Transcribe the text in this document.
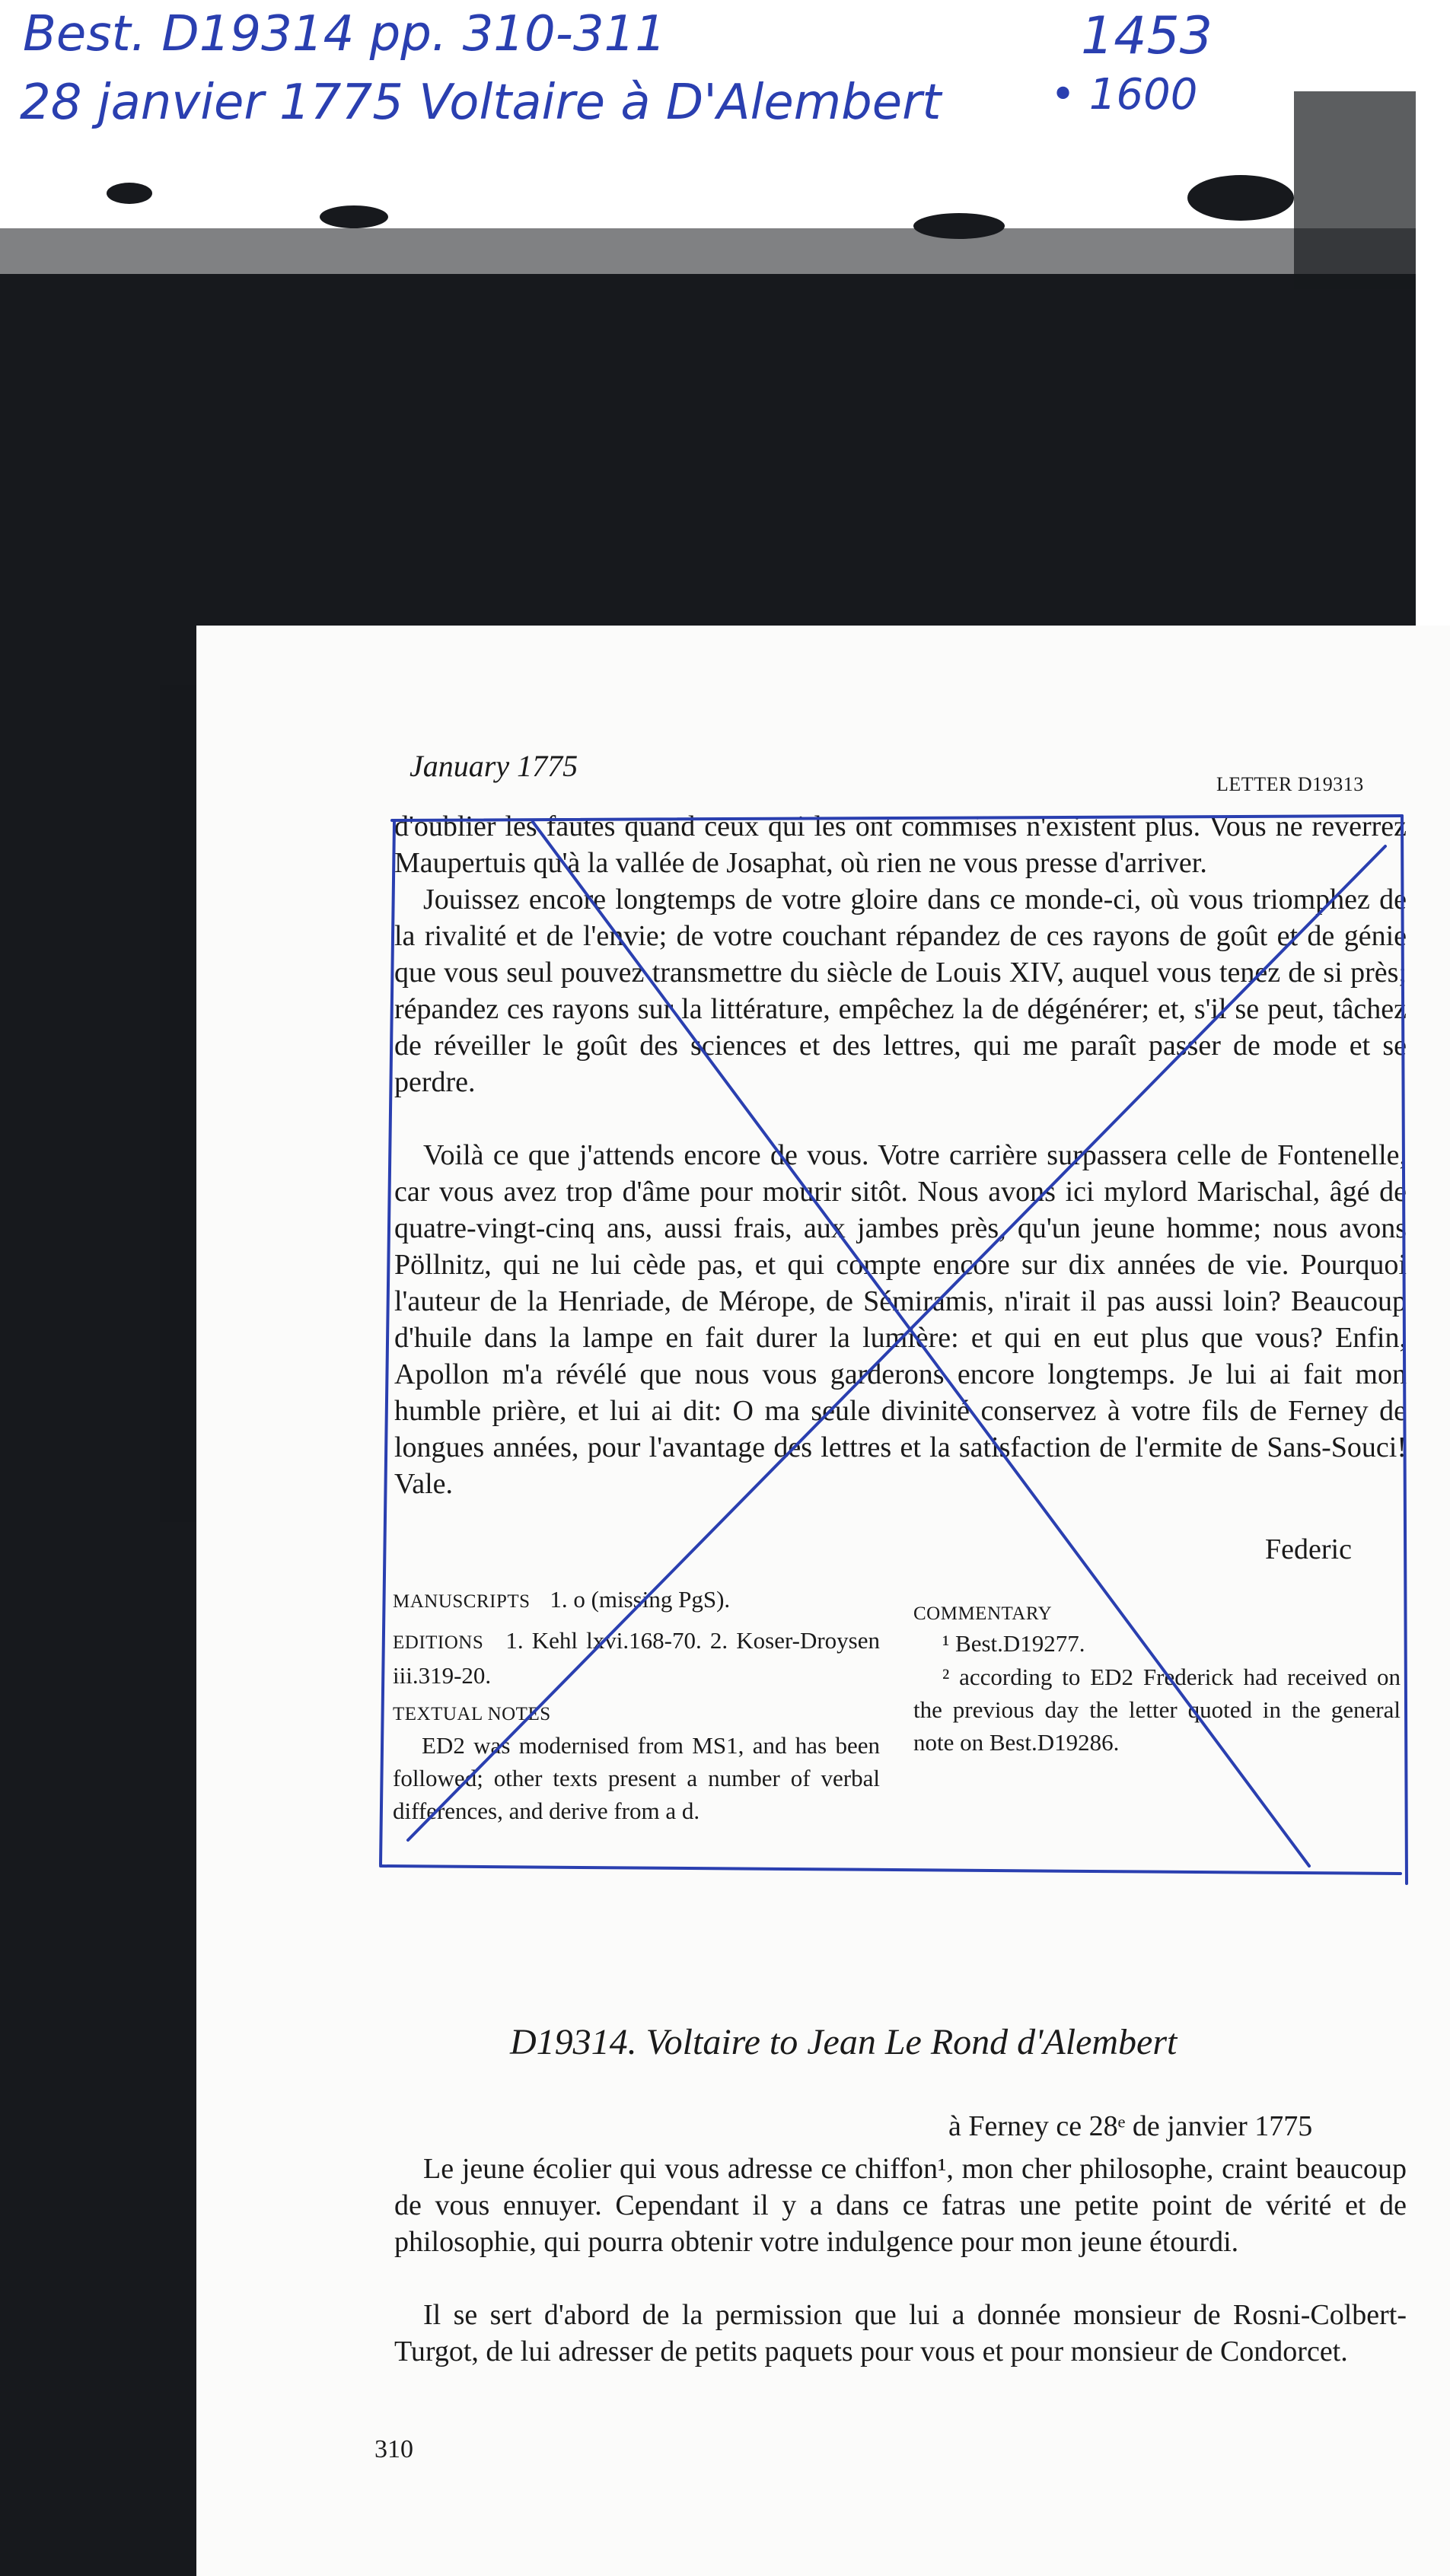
Best. D19314 pp. 310-311
28 janvier 1775 Voltaire à D'Alembert
1453
• 1600
January 1775
LETTER D19313

d'oublier les fautes quand ceux qui les ont commises n'existent plus. Vous ne reverrez Maupertuis qu'à la vallée de Josaphat, où rien ne vous presse d'arriver.

Jouissez encore longtemps de votre gloire dans ce monde-ci, où vous triomphez de la rivalité et de l'envie; de votre couchant répandez de ces rayons de goût et de génie que vous seul pouvez transmettre du siècle de Louis XIV, auquel vous tenez de si près; répandez ces rayons sur la littérature, empêchez la de dégénérer; et, s'il se peut, tâchez de réveiller le goût des sciences et des lettres, qui me paraît passer de mode et se perdre.

Voilà ce que j'attends encore de vous. Votre carrière surpassera celle de Fontenelle, car vous avez trop d'âme pour mourir sitôt. Nous avons ici mylord Marischal, âgé de quatre-vingt-cinq ans, aussi frais, aux jambes près, qu'un jeune homme; nous avons Pöllnitz, qui ne lui cède pas, et qui compte encore sur dix années de vie. Pourquoi l'auteur de la Henriade, de Mérope, de Sémiramis, n'irait il pas aussi loin? Beaucoup d'huile dans la lampe en fait durer la lumière: et qui en eut plus que vous? Enfin, Apollon m'a révélé que nous vous garderons encore longtemps. Je lui ai fait mon humble prière, et lui ai dit: O ma seule divinité conservez à votre fils de Ferney de longues années, pour l'avantage des lettres et la satisfaction de l'ermite de Sans-Souci! Vale.

Federic
MANUSCRIPTS 1. o (missing PgS).
EDITIONS 1. Kehl lxvi.168-70. 2. Koser-Droysen iii.319-20.
TEXTUAL NOTES
ED2 was modernised from MS1, and has been followed; other texts present a number of verbal differences, and derive from a d.
COMMENTARY
¹ Best.D19277.
² according to ED2 Frederick had received on the previous day the letter quoted in the general note on Best.D19286.
D19314. Voltaire to Jean Le Rond d'Alembert
à Ferney ce 28ᵉ de janvier 1775

Le jeune écolier qui vous adresse ce chiffon¹, mon cher philosophe, craint beaucoup de vous ennuyer. Cependant il y a dans ce fatras une petite point de vérité et de philosophie, qui pourra obtenir votre indulgence pour mon jeune étourdi.

Il se sert d'abord de la permission que lui a donnée monsieur de Rosni-Colbert-Turgot, de lui adresser de petits paquets pour vous et pour monsieur de Condorcet.

310
